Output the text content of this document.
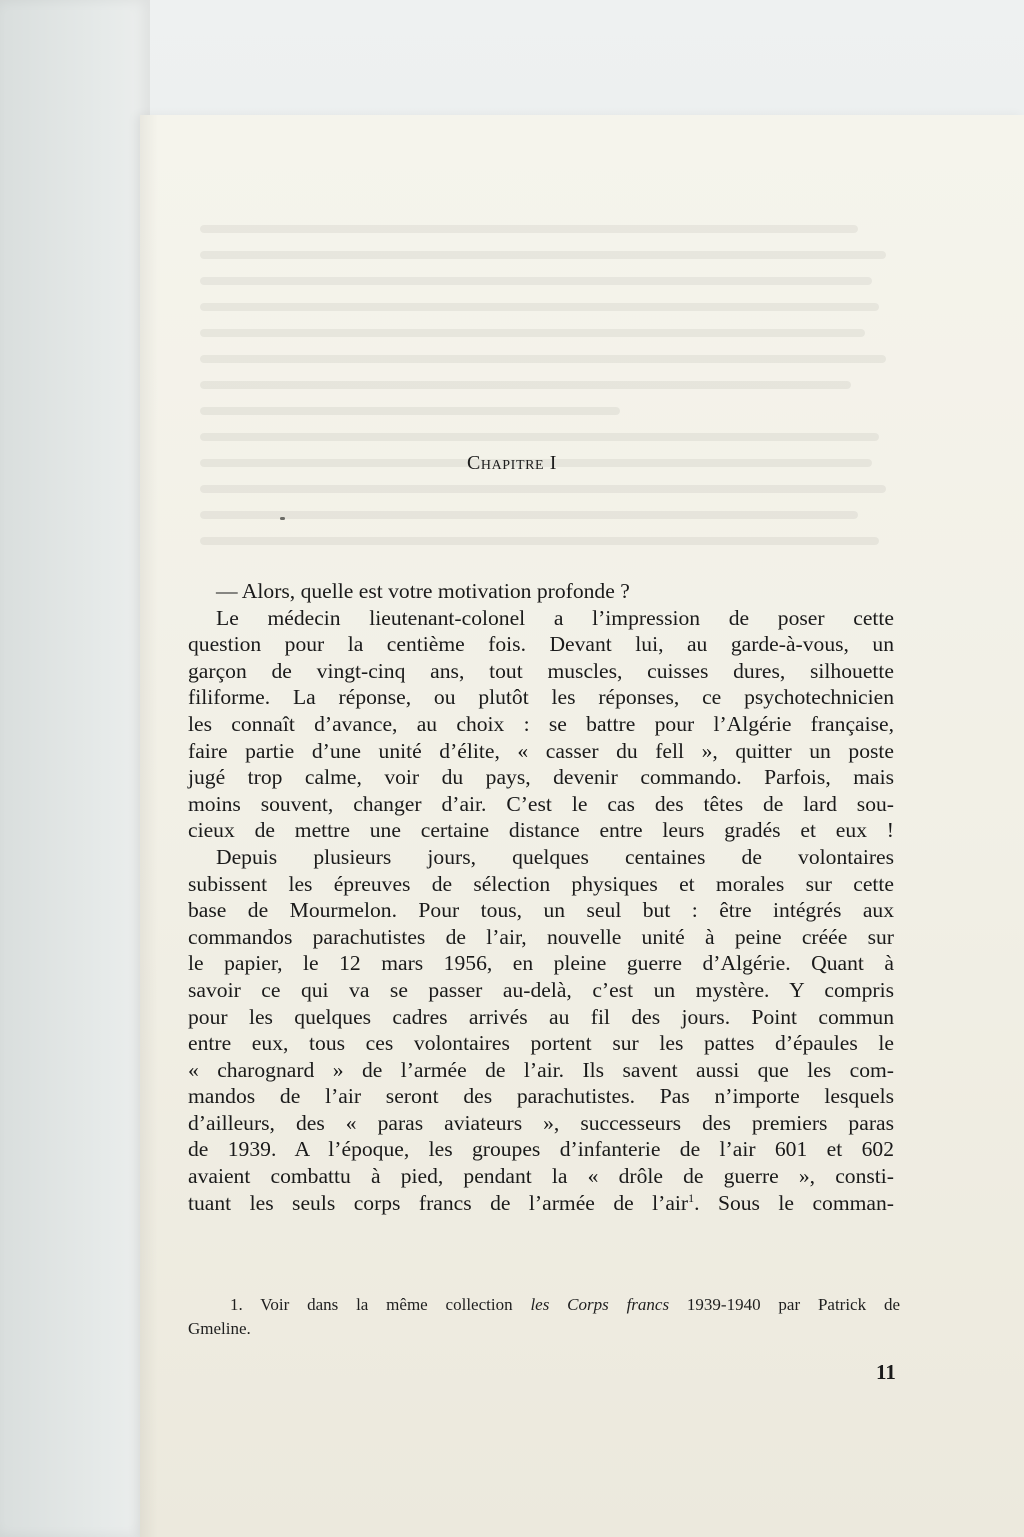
Chapitre I
— Alors, quelle est votre motivation profonde ?
Le médecin lieutenant-colonel a l’impression de poser cette
question pour la centième fois. Devant lui, au garde-à-vous, un
garçon de vingt-cinq ans, tout muscles, cuisses dures, silhouette
filiforme. La réponse, ou plutôt les réponses, ce psychotechnicien
les connaît d’avance, au choix : se battre pour l’Algérie française,
faire partie d’une unité d’élite, « casser du fell », quitter un poste
jugé trop calme, voir du pays, devenir commando. Parfois, mais
moins souvent, changer d’air. C’est le cas des têtes de lard sou-
cieux de mettre une certaine distance entre leurs gradés et eux !
Depuis plusieurs jours, quelques centaines de volontaires
subissent les épreuves de sélection physiques et morales sur cette
base de Mourmelon. Pour tous, un seul but : être intégrés aux
commandos parachutistes de l’air, nouvelle unité à peine créée sur
le papier, le 12 mars 1956, en pleine guerre d’Algérie. Quant à
savoir ce qui va se passer au-delà, c’est un mystère. Y compris
pour les quelques cadres arrivés au fil des jours. Point commun
entre eux, tous ces volontaires portent sur les pattes d’épaules le
« charognard » de l’armée de l’air. Ils savent aussi que les com-
mandos de l’air seront des parachutistes. Pas n’importe lesquels
d’ailleurs, des « paras aviateurs », successeurs des premiers paras
de 1939. A l’époque, les groupes d’infanterie de l’air 601 et 602
avaient combattu à pied, pendant la « drôle de guerre », consti-
tuant les seuls corps francs de l’armée de l’air$^1$. Sous le comman-
1. Voir dans la même collection les Corps francs 1939-1940 par Patrick de
Gmeline.
11
